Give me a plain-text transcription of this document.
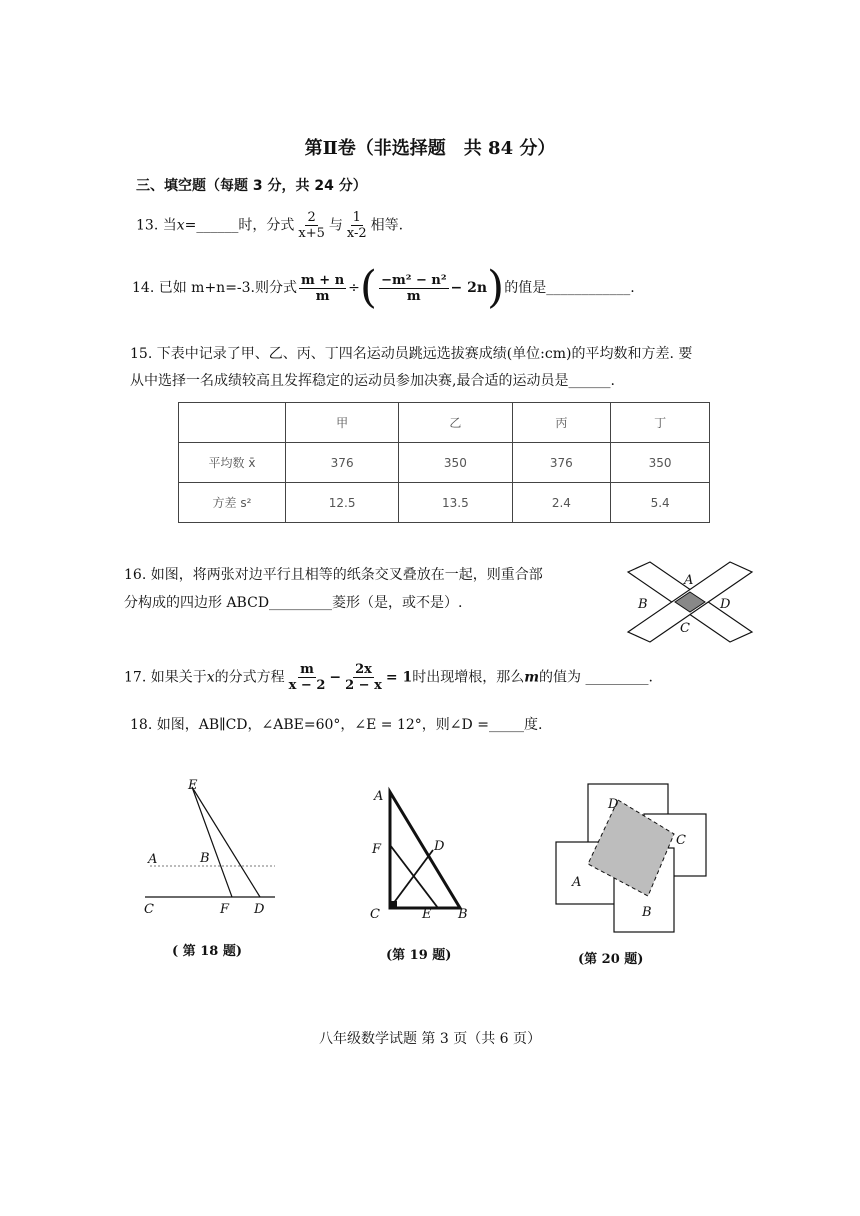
第Ⅱ卷（非选择题　共 84 分）
三、填空题（每题 3 分，共 24 分）
13. 当x=______时，分式 $\frac{2}{x+5}$ 与 $\frac{1}{x-2}$ 相等.
14. 已如 m+n=-3.则分式 $\frac{m + n}{m}$ ÷( $\frac{\text{−m² − n²}}{m} - 2n$)的值是____________.
15. 下表中记录了甲、乙、丙、丁四名运动员跳远选拔赛成绩(单位:cm)的平均数和方差. 要
从中选择一名成绩较高且发挥稳定的运动员参加决赛,最合适的运动员是______.
	甲	乙	丙	丁
平均数 x̄	376	350	376	350
方差 s²	12.5	13.5	2.4	5.4
16. 如图，将两张对边平行且相等的纸条交叉叠放在一起，则重合部
分构成的四边形 ABCD_________菱形（是，或不是）.
A
B
C
D
17. 如果关于x的分式方程 $\frac{m}{x - 2} - \frac{2x}{2 - x} = 1$时出现增根，那么m的值为 _________.
18. 如图，AB∥CD，∠ABE=60°，∠E = 12°，则∠D =_____度.
E
A	B
C	F D
( 第 18 题)
A
F	D
C	E B
(第 19 题)
D
C
A
B
(第 20 题)
八年级数学试题 第 3 页（共 6 页）
